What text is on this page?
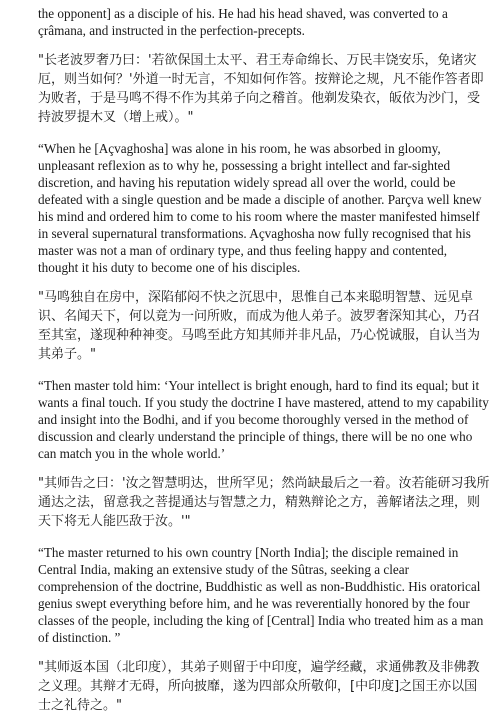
the opponent] as a disciple of his. He had his head shaved, was converted to a çrâmana, and instructed in the perfection-precepts.

"长老波罗奢乃曰：'若欲保国土太平、君王寿命绵长、万民丰饶安乐，免诸灾厄，则当如何？'外道一时无言，不知如何作答。按辩论之规，凡不能作答者即为败者，于是马鸣不得不作为其弟子向之稽首。他剃发染衣，皈依为沙门，受持波罗提木叉（增上戒）。"

“When he [Açvaghosha] was alone in his room, he was absorbed in gloomy, unpleasant reflexion as to why he, possessing a bright intellect and far-sighted discretion, and having his reputation widely spread all over the world, could be defeated with a single question and be made a disciple of another. Parçva well knew his mind and ordered him to come to his room where the master manifested himself in several supernatural transformations. Açvaghosha now fully recognised that his master was not a man of ordinary type, and thus feeling happy and contented, thought it his duty to become one of his disciples.

"马鸣独自在房中，深陷郁闷不快之沉思中，思惟自己本来聪明智慧、远见卓识、名闻天下，何以竟为一问所败，而成为他人弟子。波罗奢深知其心，乃召至其室，遂现种种神变。马鸣至此方知其师并非凡品，乃心悦诚服，自认当为其弟子。"

“Then master told him: ‘Your intellect is bright enough, hard to find its equal; but it wants a final touch. If you study the doctrine I have mastered, attend to my capability and insight into the Bodhi, and if you become thoroughly versed in the method of discussion and clearly understand the principle of things, there will be no one who can match you in the whole world.’

"其师告之曰：'汝之智慧明达，世所罕见；然尚缺最后之一着。汝若能研习我所通达之法，留意我之菩提通达与智慧之力，精熟辩论之方，善解诸法之理，则天下将无人能匹敌于汝。'"

“The master returned to his own country [North India]; the disciple remained in Central India, making an extensive study of the Sûtras, seeking a clear comprehension of the doctrine, Buddhistic as well as non-Buddhistic. His oratorical genius swept everything before him, and he was reverentially honored by the four classes of the people, including the king of [Central] India who treated him as a man of distinction. ”

"其师返本国（北印度），其弟子则留于中印度，遍学经藏，求通佛教及非佛教之义理。其辩才无碍，所向披靡，遂为四部众所敬仰，[中印度]之国王亦以国士之礼待之。"
